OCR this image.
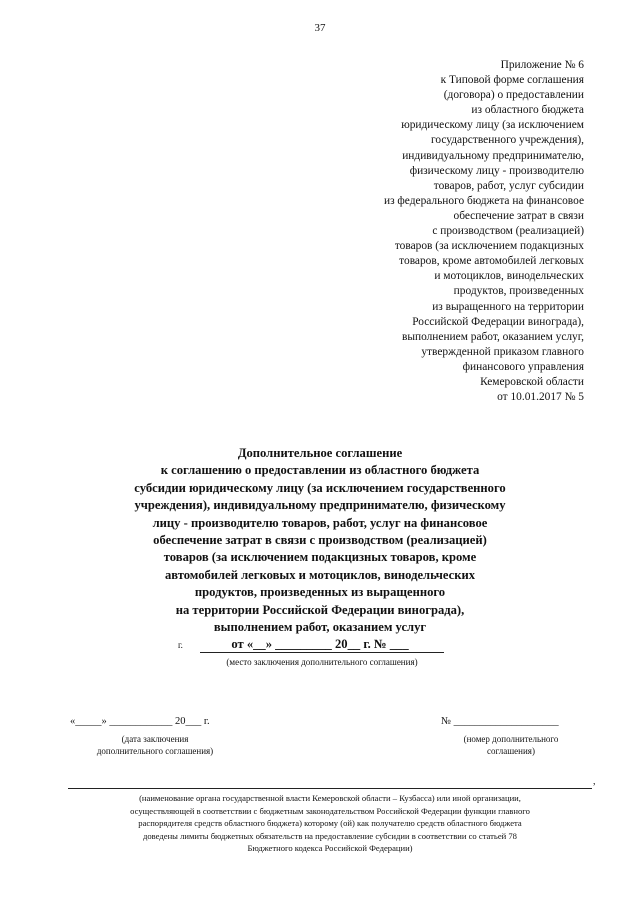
37
Приложение № 6
к Типовой форме соглашения
(договора) о предоставлении
из областного бюджета
юридическому лицу (за исключением
государственного учреждения),
индивидуальному предпринимателю,
физическому лицу - производителю
товаров, работ, услуг субсидии
из федерального бюджета на финансовое
обеспечение затрат в связи
с производством (реализацией)
товаров (за исключением подакцизных
товаров, кроме автомобилей легковых
и мотоциклов, винодельческих
продуктов, произведенных
из выращенного на территории
Российской Федерации винограда),
выполнением работ, оказанием услуг,
утвержденной приказом главного
финансового управления
Кемеровской области
от 10.01.2017 № 5
Дополнительное соглашение
к соглашению о предоставлении из областного бюджета
субсидии юридическому лицу (за исключением государственного
учреждения), индивидуальному предпринимателю, физическому
лицу - производителю товаров, работ, услуг на финансовое
обеспечение затрат в связи с производством (реализацией)
товаров (за исключением подакцизных товаров, кроме
автомобилей легковых и мотоциклов, винодельческих
продуктов, произведенных из выращенного
на территории Российской Федерации винограда),
выполнением работ, оказанием услуг
от «__» _________ 20__ г. № ___
г.
(место заключения дополнительного соглашения)
«_____» ____________ 20___ г.
(дата заключения
дополнительного соглашения)
№ ____________________
(номер дополнительного
соглашения)
,
(наименование органа государственной власти Кемеровской области – Кузбасса) или иной организации,
осуществляющей в соответствии с бюджетным законодательством Российской Федерации функции главного
распорядителя средств областного бюджета) которому (ой) как получателю средств областного бюджета
доведены лимиты бюджетных обязательств на предоставление субсидии в соответствии со статьей 78
Бюджетного кодекса Российской Федерации)
